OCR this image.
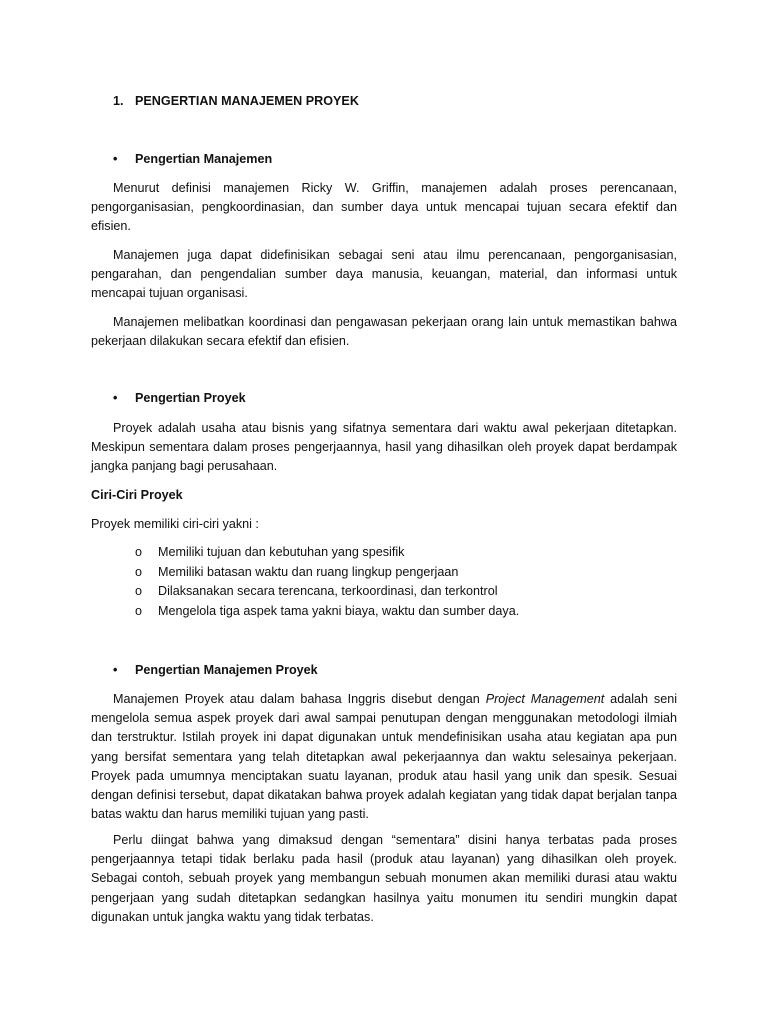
1. PENGERTIAN MANAJEMEN PROYEK
• Pengertian Manajemen

Menurut definisi manajemen Ricky W. Griffin, manajemen adalah proses perencanaan, pengorganisasian, pengkoordinasian, dan sumber daya untuk mencapai tujuan secara efektif dan efisien.

Manajemen juga dapat didefinisikan sebagai seni atau ilmu perencanaan, pengorganisasian, pengarahan, dan pengendalian sumber daya manusia, keuangan, material, dan informasi untuk mencapai tujuan organisasi.

Manajemen melibatkan koordinasi dan pengawasan pekerjaan orang lain untuk memastikan bahwa pekerjaan dilakukan secara efektif dan efisien.

• Pengertian Proyek

Proyek adalah usaha atau bisnis yang sifatnya sementara dari waktu awal pekerjaan ditetapkan. Meskipun sementara dalam proses pengerjaannya, hasil yang dihasilkan oleh proyek dapat berdampak jangka panjang bagi perusahaan.

Ciri-Ciri Proyek
Proyek memiliki ciri-ciri yakni :
o Memiliki tujuan dan kebutuhan yang spesifik
o Memiliki batasan waktu dan ruang lingkup pengerjaan
o Dilaksanakan secara terencana, terkoordinasi, dan terkontrol
o Mengelola tiga aspek tama yakni biaya, waktu dan sumber daya.
• Pengertian Manajemen Proyek

Manajemen Proyek atau dalam bahasa Inggris disebut dengan Project Management adalah seni mengelola semua aspek proyek dari awal sampai penutupan dengan menggunakan metodologi ilmiah dan terstruktur. Istilah proyek ini dapat digunakan untuk mendefinisikan usaha atau kegiatan apa pun yang bersifat sementara yang telah ditetapkan awal pekerjaannya dan waktu selesainya pekerjaan. Proyek pada umumnya menciptakan suatu layanan, produk atau hasil yang unik dan spesik. Sesuai dengan definisi tersebut, dapat dikatakan bahwa proyek adalah kegiatan yang tidak dapat berjalan tanpa batas waktu dan harus memiliki tujuan yang pasti.

Perlu diingat bahwa yang dimaksud dengan “sementara” disini hanya terbatas pada proses pengerjaannya tetapi tidak berlaku pada hasil (produk atau layanan) yang dihasilkan oleh proyek. Sebagai contoh, sebuah proyek yang membangun sebuah monumen akan memiliki durasi atau waktu pengerjaan yang sudah ditetapkan sedangkan hasilnya yaitu monumen itu sendiri mungkin dapat digunakan untuk jangka waktu yang tidak terbatas.
